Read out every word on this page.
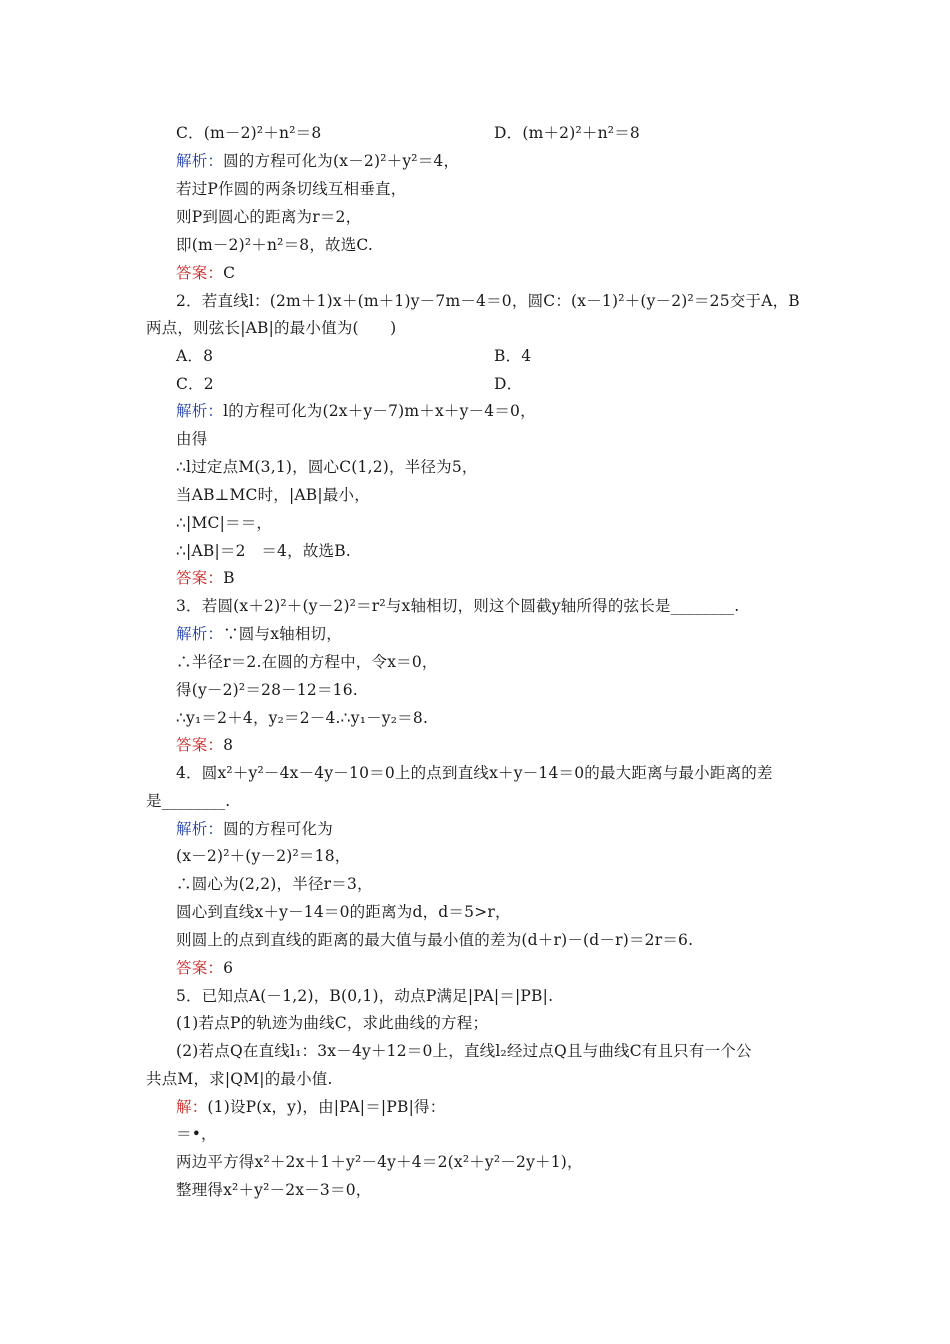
C．(m－2)²＋n²＝8	D．(m＋2)²＋n²＝8
解析：圆的方程可化为(x－2)²＋y²＝4，
若过P作圆的两条切线互相垂直，
则P到圆心的距离为r＝2，
即(m－2)²＋n²＝8，故选C.
答案：C
2．若直线l：(2m＋1)x＋(m＋1)y－7m－4＝0，圆C：(x－1)²＋(y－2)²＝25交于A，B
两点，则弦长|AB|的最小值为(　　)
A．8	B．4
C．2	D．
解析：l的方程可化为(2x＋y－7)m＋x＋y－4＝0，
由得
∴l过定点M(3,1)，圆心C(1,2)，半径为5，
当AB⊥MC时，|AB|最小，
∴|MC|＝＝，
∴|AB|＝2　＝4，故选B.
答案：B
3．若圆(x＋2)²＋(y－2)²＝r²与x轴相切，则这个圆截y轴所得的弦长是________.
解析：∵圆与x轴相切，
∴半径r＝2.在圆的方程中，令x＝0，
得(y－2)²＝28－12＝16.
∴y₁＝2＋4，y₂＝2－4.∴y₁－y₂＝8.
答案：8
4．圆x²＋y²－4x－4y－10＝0上的点到直线x＋y－14＝0的最大距离与最小距离的差
是________.
解析：圆的方程可化为
(x－2)²＋(y－2)²＝18，
∴圆心为(2,2)，半径r＝3，
圆心到直线x＋y－14＝0的距离为d，d＝5>r，
则圆上的点到直线的距离的最大值与最小值的差为(d＋r)－(d－r)＝2r＝6.
答案：6
5．已知点A(－1,2)，B(0,1)，动点P满足|PA|＝|PB|.
(1)若点P的轨迹为曲线C，求此曲线的方程；
(2)若点Q在直线l₁：3x－4y＋12＝0上，直线l₂经过点Q且与曲线C有且只有一个公
共点M，求|QM|的最小值.
解：(1)设P(x，y)，由|PA|＝|PB|得：
＝•，
两边平方得x²＋2x＋1＋y²－4y＋4＝2(x²＋y²－2y＋1)，
整理得x²＋y²－2x－3＝0，
